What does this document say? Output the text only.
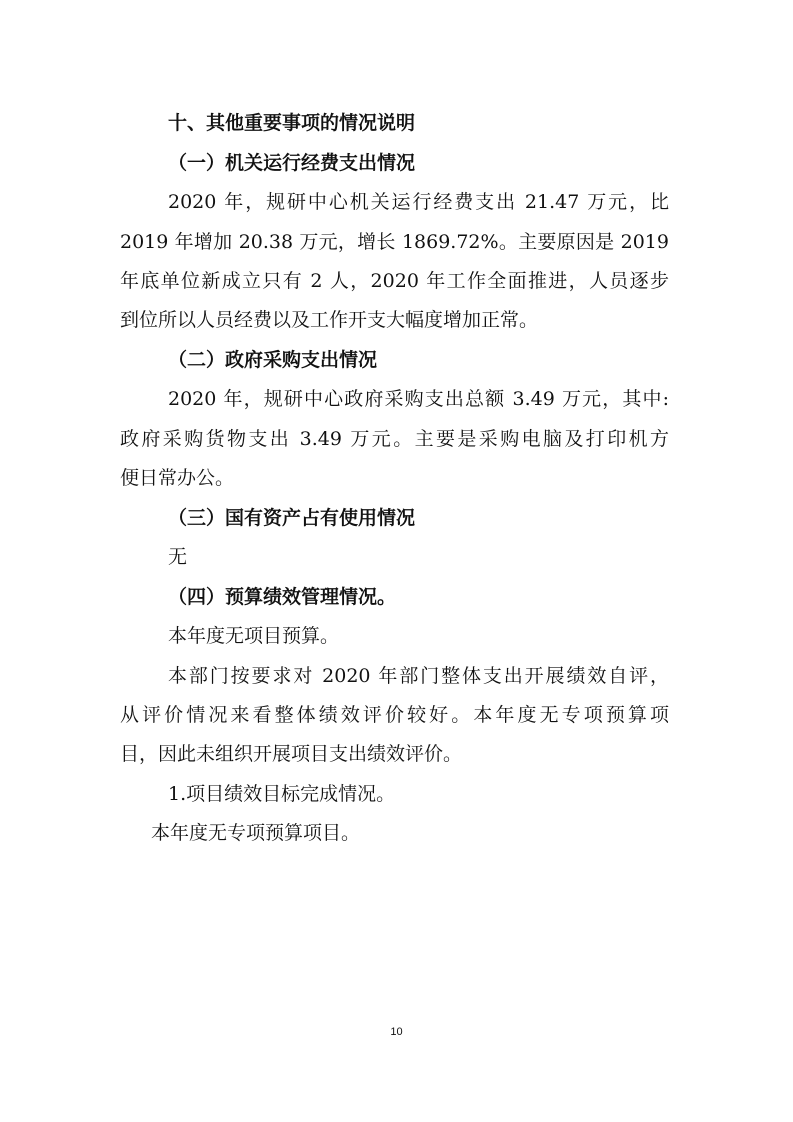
十、其他重要事项的情况说明
（一）机关运行经费支出情况
2020 年，规研中心机关运行经费支出 21.47 万元，比
2019 年增加 20.38 万元，增长 1869.72%。主要原因是 2019
年底单位新成立只有 2 人，2020 年工作全面推进，人员逐步
到位所以人员经费以及工作开支大幅度增加正常。
（二）政府采购支出情况
2020 年，规研中心政府采购支出总额 3.49 万元，其中:
政府采购货物支出 3.49 万元。主要是采购电脑及打印机方
便日常办公。
（三）国有资产占有使用情况
无
（四）预算绩效管理情况。
本年度无项目预算。
本部门按要求对 2020 年部门整体支出开展绩效自评，
从评价情况来看整体绩效评价较好。本年度无专项预算项
目，因此未组织开展项目支出绩效评价。
1.项目绩效目标完成情况。
本年度无专项预算项目。
10
